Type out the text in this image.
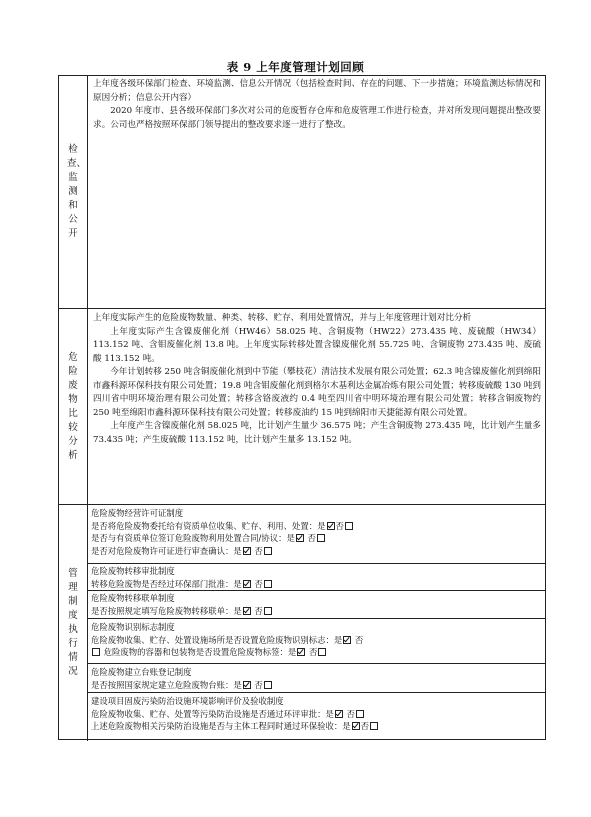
表 9 上年度管理计划回顾
检查、监测和公开

上年度各级环保部门检查、环境监测、信息公开情况（包括检查时间、存在的问题、下一步措施；环境监测达标情况和原因分析；信息公开内容）

2020 年度市、县各级环保部门多次对公司的危废暂存仓库和危废管理工作进行检查，并对所发现问题提出整改要求。公司也严格按照环保部门领导提出的整改要求逐一进行了整改。

危险废物比较分析

上年度实际产生的危险废物数量、种类、转移、贮存、利用处置情况，并与上年度管理计划对比分析

上年度实际产生含镍废催化剂（HW46）58.025 吨、含铜废物（HW22）273.435 吨、废硫酸（HW34）113.152 吨、含钼废催化剂 13.8 吨。上年度实际转移处置含镍废催化剂 55.725 吨、含铜废物 273.435 吨、废硫酸 113.152 吨。

今年计划转移 250 吨含铜废催化剂到中节能（攀枝花）清洁技术发展有限公司处置；62.3 吨含镍废催化剂到绵阳市鑫科源环保科技有限公司处置；19.8 吨含钼废催化剂到格尔木基利达金属冶炼有限公司处置；转移废硫酸 130 吨到四川省中明环境治理有限公司处置；转移含铬废液约 0.4 吨至四川省中明环境治理有限公司处置；转移含铜废物约 250 吨至绵阳市鑫科源环保科技有限公司处置；转移废油约 15 吨到绵阳市天捷能源有限公司处置。

上年度产生含镍废催化剂 58.025 吨，比计划产生量少 36.575 吨；产生含铜废物 273.435 吨，比计划产生量多 73.435 吨；产生废硫酸 113.152 吨，比计划产生量多 13.152 吨。

管理制度执行情况

危险废物经营许可证制度

是否将危险废物委托给有资质单位收集、贮存、利用、处置：是 否

是否与有资质单位签订危险废物利用处置合同/协议：是 否

是否对危险废物许可证进行审查确认：是 否

危险废物转移审批制度

转移危险废物是否经过环保部门批准：是 否

危险废物转移联单制度

是否按照规定填写危险废物转移联单：是 否

危险废物识别标志制度

危险废物收集、贮存、处置设施场所是否设置危险废物识别标志：是 否

危险废物的容器和包装物是否设置危险废物标签：是 否

危险废物建立台账登记制度

是否按照国家规定建立危险废物台账：是 否

建设项目固废污染防治设施环境影响评价及验收制度

危险废物收集、贮存、处置等污染防治设施是否通过环评审批：是 否

上述危险废物相关污染防治设施是否与主体工程同时通过环保验收：是 否
